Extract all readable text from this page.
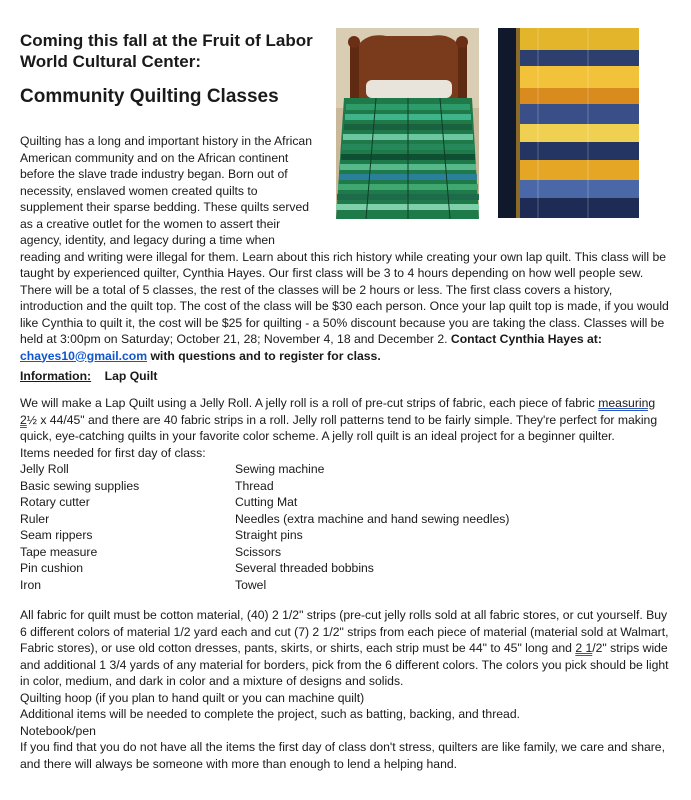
Coming this fall at the Fruit of Labor

World Cultural Center:

Community Quilting Classes

Quilting has a long and important history in the African American community and on the African continent before the slave trade industry began. Born out of necessity, enslaved women created quilts to supplement their sparse bedding. These quilts served as a creative outlet for the women to assert their agency, identity, and legacy during a time when reading and writing were illegal for them. Learn about this rich history while creating your own lap quilt. This class will be taught by experienced quilter, Cynthia Hayes. Our first class will be 3 to 4 hours depending on how well people sew. There will be a total of 5 classes, the rest of the classes will be 2 hours or less. The first class covers a history, introduction and the quilt top. The cost of the class will be $30 each person. Once your lap quilt top is made, if you would like Cynthia to quilt it, the cost will be $25 for quilting - a 50% discount because you are taking the class. Classes will be held at 3:00pm on Saturday; October 21, 28; November 4, 18 and December 2. Contact Cynthia Hayes at:
chayes10@gmail.com with questions and to register for class.

Information: Lap Quilt

We will make a Lap Quilt using a Jelly Roll. A jelly roll is a roll of pre-cut strips of fabric, each piece of fabric measuring 2½ x 44/45" and there are 40 fabric strips in a roll. Jelly roll patterns tend to be fairly simple. They're perfect for making quick, eye-catching quilts in your favorite color scheme. A jelly roll quilt is an ideal project for a beginner quilter.

Items needed for first day of class:

Jelly Roll	Sewing machine
Basic sewing supplies	Thread
Rotary cutter	Cutting Mat
Ruler	Needles (extra machine and hand sewing needles)
Seam rippers	Straight pins
Tape measure	Scissors
Pin cushion	Several threaded bobbins
Iron	Towel

All fabric for quilt must be cotton material, (40) 2 1/2" strips (pre-cut jelly rolls sold at all fabric stores, or cut yourself. Buy 6 different colors of material 1/2 yard each and cut (7) 2 1/2" strips from each piece of material (material sold at Walmart, Fabric stores), or use old cotton dresses, pants, skirts, or shirts, each strip must be 44" to 45" long and 2 1/2" strips wide and additional 1 3/4 yards of any material for borders, pick from the 6 different colors. The colors you pick should be light in color, medium, and dark in color and a mixture of designs and solids.

Quilting hoop (if you plan to hand quilt or you can machine quilt)

Additional items will be needed to complete the project, such as batting, backing, and thread.

Notebook/pen

If you find that you do not have all the items the first day of class don't stress, quilters are like family, we care and share, and there will always be someone with more than enough to lend a helping hand.
